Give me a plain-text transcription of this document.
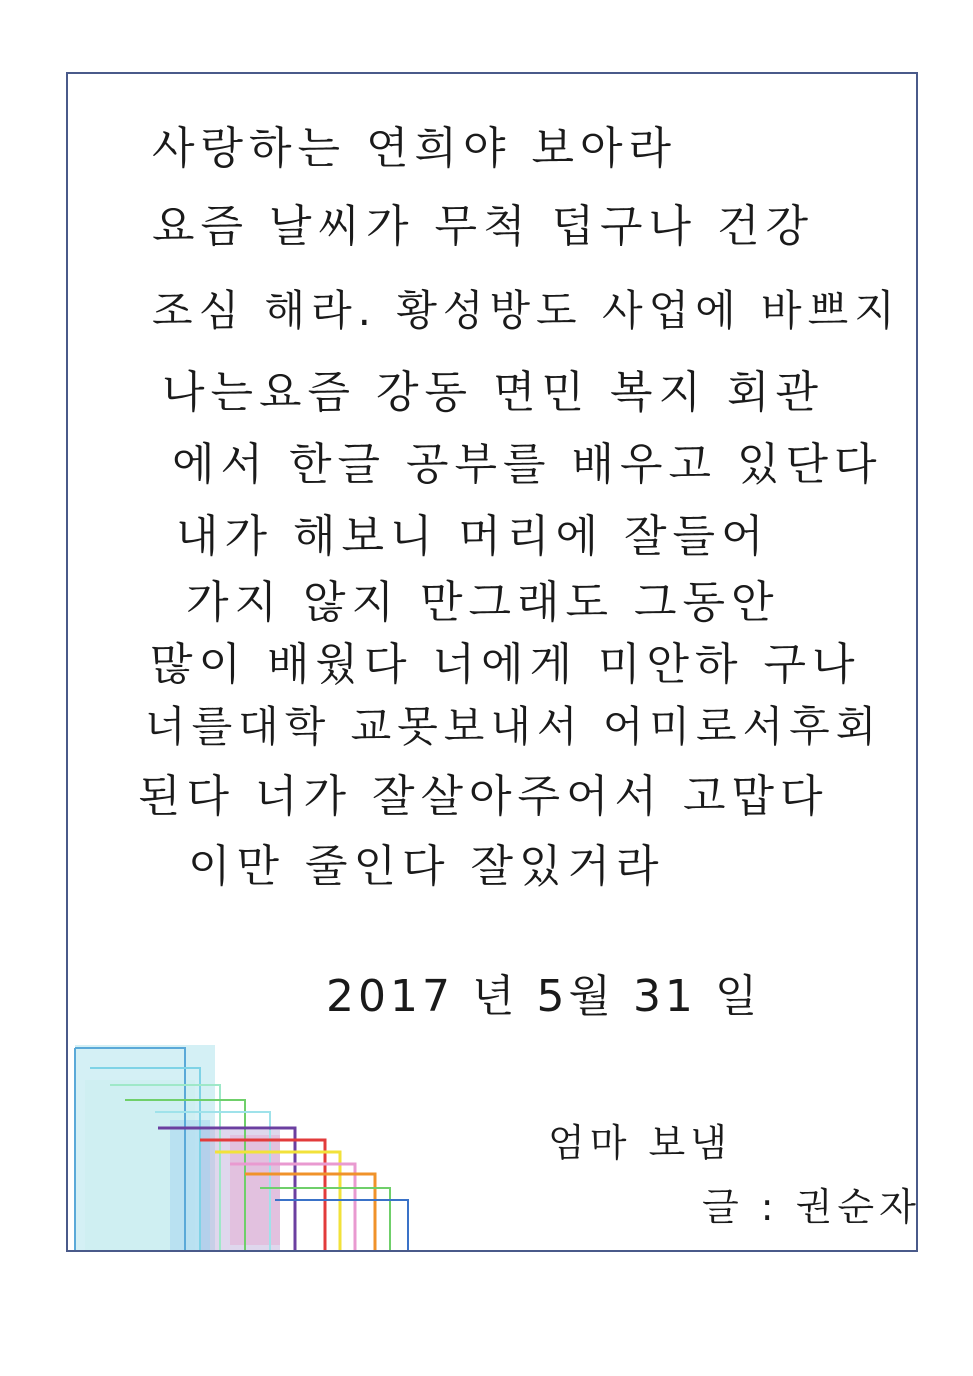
사랑하는 연희야 보아라
요즘 날씨가 무척 덥구나 건강
조심 해라. 황성방도 사업에 바쁘지
나는요즘 강동 면민 복지 회관
에서 한글 공부를 배우고 있단다
내가 해보니 머리에 잘들어
가지 않지 만그래도 그동안
많이 배웠다 너에게 미안하 구나
너를대학 교못보내서 어미로서후회
된다 너가 잘살아주어서 고맙다
이만 줄인다 잘있거라
2017 년 5월 31 일
엄마 보냄
글 : 권순자
